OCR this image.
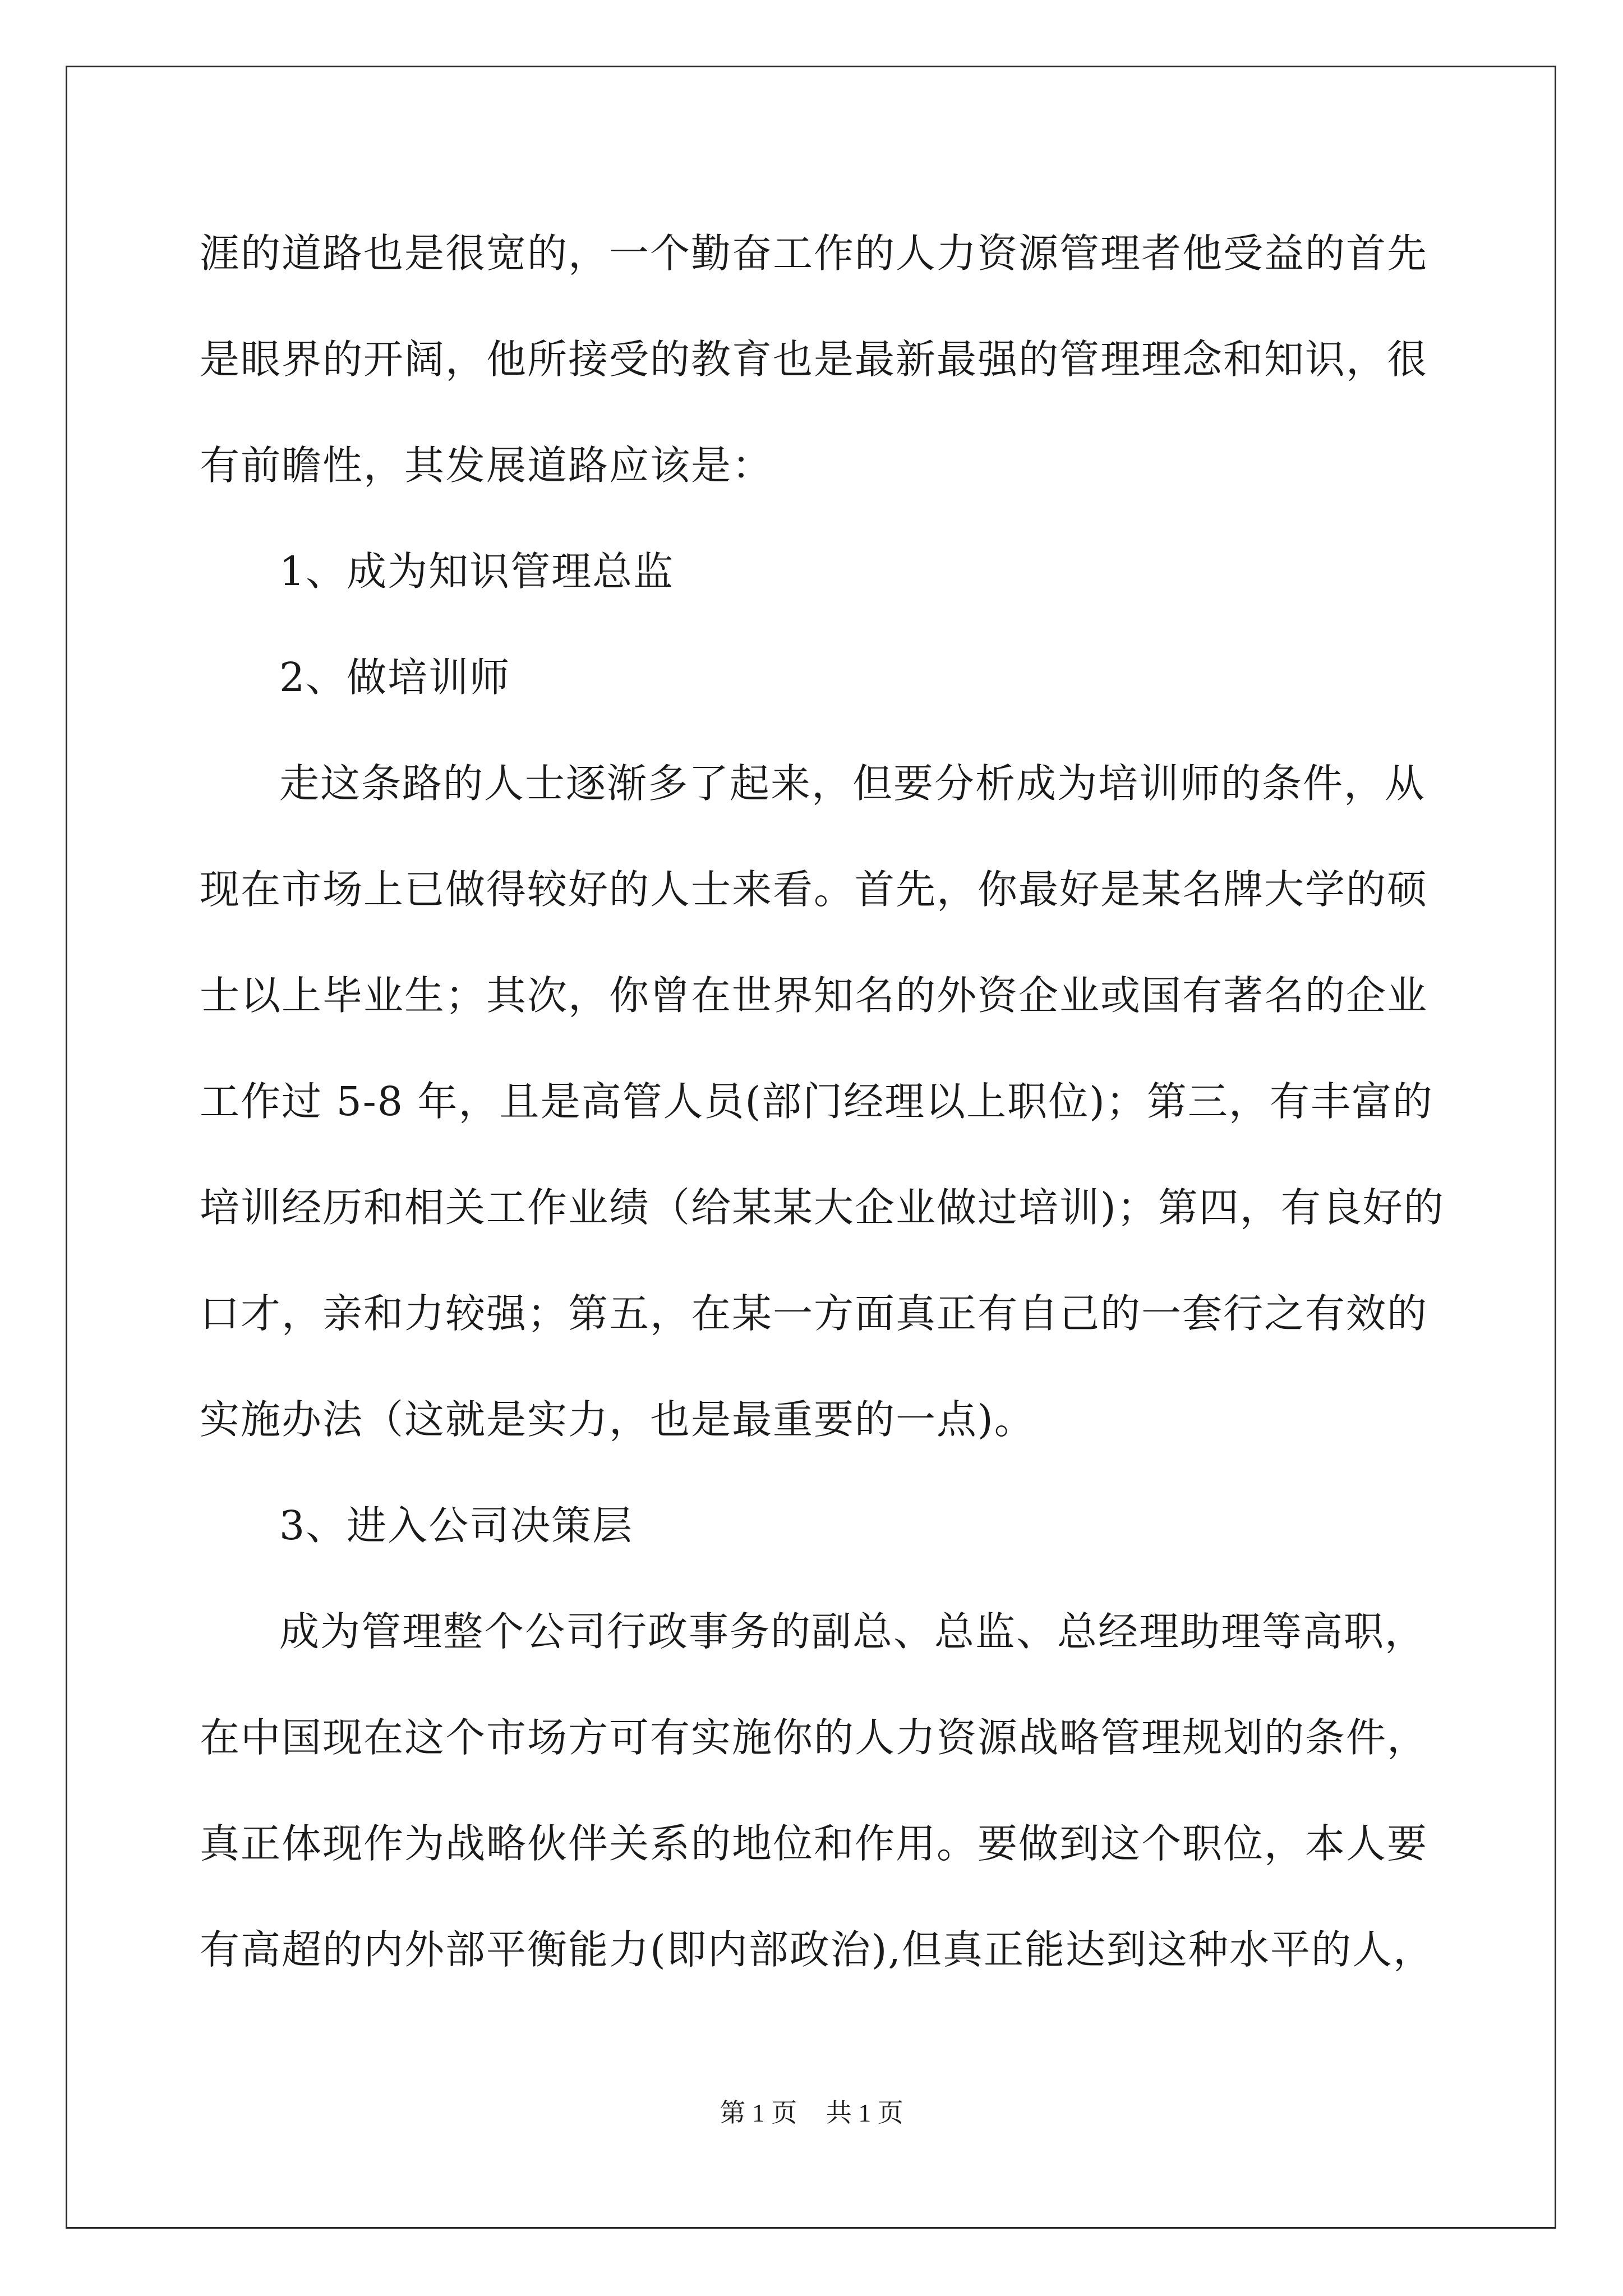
涯的道路也是很宽的，一个勤奋工作的人力资源管理者他受益的首先
是眼界的开阔，他所接受的教育也是最新最强的管理理念和知识，很
有前瞻性，其发展道路应该是：
1、成为知识管理总监
2、做培训师
走这条路的人士逐渐多了起来，但要分析成为培训师的条件，从
现在市场上已做得较好的人士来看。首先，你最好是某名牌大学的硕
士以上毕业生；其次，你曾在世界知名的外资企业或国有著名的企业
工作过 5-8 年，且是高管人员(部门经理以上职位)；第三，有丰富的
培训经历和相关工作业绩（给某某大企业做过培训)；第四，有良好的
口才，亲和力较强；第五，在某一方面真正有自己的一套行之有效的
实施办法（这就是实力，也是最重要的一点)。
3、进入公司决策层
成为管理整个公司行政事务的副总、总监、总经理助理等高职，
在中国现在这个市场方可有实施你的人力资源战略管理规划的条件，
真正体现作为战略伙伴关系的地位和作用。要做到这个职位，本人要
有高超的内外部平衡能力(即内部政治),但真正能达到这种水平的人，
第 1 页 共 1 页
